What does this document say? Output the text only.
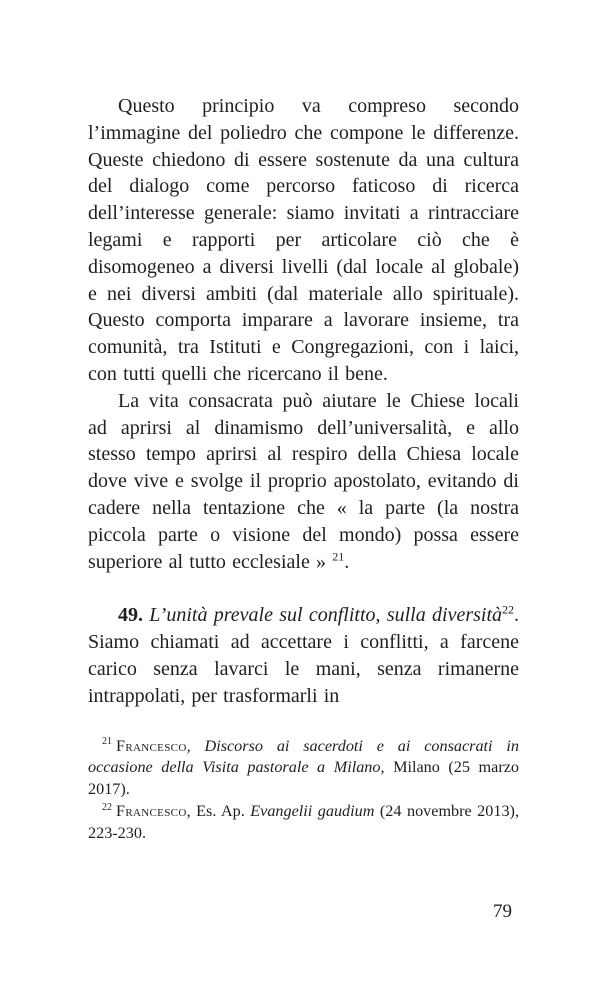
Questo principio va compreso secondo l’immagine del poliedro che compone le differenze. Queste chiedono di essere sostenute da una cultura del dialogo come percorso faticoso di ricerca dell’interesse generale: siamo invitati a rintracciare legami e rapporti per articolare ciò che è disomogeneo a diversi livelli (dal locale al globale) e nei diversi ambiti (dal materiale allo spirituale). Questo comporta imparare a lavorare insieme, tra comunità, tra Istituti e Congregazioni, con i laici, con tutti quelli che ricercano il bene.

La vita consacrata può aiutare le Chiese locali ad aprirsi al dinamismo dell’universalità, e allo stesso tempo aprirsi al respiro della Chiesa locale dove vive e svolge il proprio apostolato, evitando di cadere nella tentazione che « la parte (la nostra piccola parte o visione del mondo) possa essere superiore al tutto ecclesiale » $^{21}$.

49. L’unità prevale sul conflitto, sulla diversità$^{22}$. Siamo chiamati ad accettare i conflitti, a farcene carico senza lavarci le mani, senza rimanerne intrappolati, per trasformarli in

$^{21}$ Francesco, Discorso ai sacerdoti e ai consacrati in occasione della Visita pastorale a Milano, Milano (25 marzo 2017).

$^{22}$ Francesco, Es. Ap. Evangelii gaudium (24 novembre 2013), 223-230.

79
